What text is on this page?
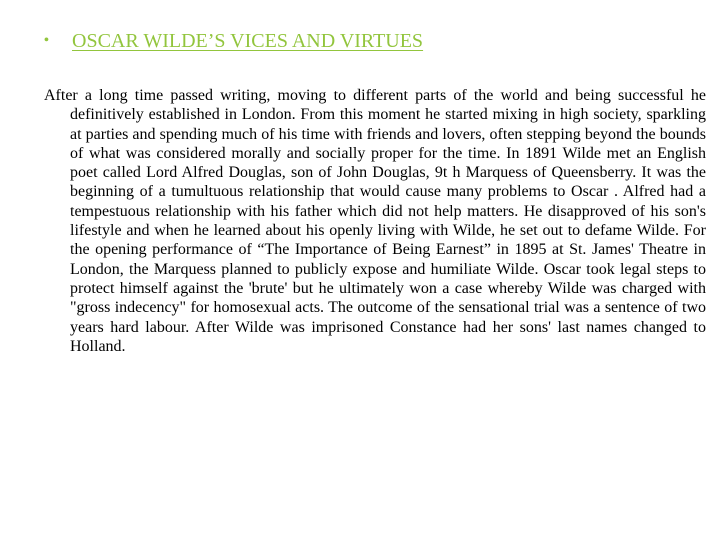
•	OSCAR WILDE’S VICES AND VIRTUES

After a long time passed writing, moving to different parts of the world and being successful he definitively established in London. From this moment he started mixing in high society, sparkling at parties and spending much of his time with friends and lovers, often stepping beyond the bounds of what was considered morally and socially proper for the time. In 1891 Wilde met an English poet called Lord Alfred Douglas, son of John Douglas, 9t h Marquess of Queensberry. It was the beginning of a tumultuous relationship that would cause many problems to Oscar . Alfred had a tempestuous relationship with his father which did not help matters. He disapproved of his son's lifestyle and when he learned about his openly living with Wilde, he set out to defame Wilde. For the opening performance of “The Importance of Being Earnest” in 1895 at St. James' Theatre in London, the Marquess planned to publicly expose and humiliate Wilde. Oscar took legal steps to protect himself against the 'brute' but he ultimately won a case whereby Wilde was charged with "gross indecency" for homosexual acts. The outcome of the sensational trial was a sentence of two years hard labour. After Wilde was imprisoned Constance had her sons' last names changed to Holland.
